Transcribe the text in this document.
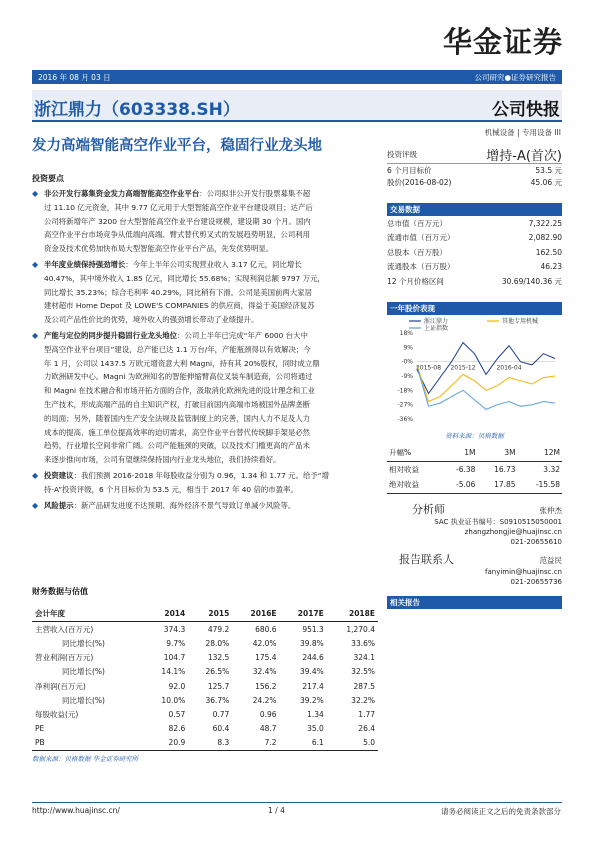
华金证券
2016 年 08 月 03 日	公司研究●证券研究报告
浙江鼎力（603338.SH）	公司快报
机械设备 | 专用设备 III
发力高端智能高空作业平台，稳固行业龙头地
投资评级	增持-A(首次)
6 个月目标价	53.5 元
股价(2016-08-02)	45.06 元
交易数据
总市值（百万元）	7,322.25
流通市值（百万元）	2,082.90
总股本（百万股）	162.50
流通股本（百万股）	46.23
12 个月价格区间	30.69/140.36 元
一年股价表现
18%
9%
-0%
-9%
-18%
-27%
-36%
2015-08 2015-12	2016-04
浙江鼎力	其他专用机械
上证指数
资料来源：贝格数据
升幅%	1M	3M	12M
相对收益	-6.38	16.73	3.32
绝对收益	-5.06	17.85	-15.58
分析师	张仲杰
SAC 执业证书编号：S0910515050001
zhangzhongjie@huajinsc.cn
021-20655610
报告联系人	范益民
fanyimin@huajinsc.cn
021-20655736
相关报告
投资要点
◆ 非公开发行募集资金发力高端智能高空作业平台：公司拟非公开发行股票募集不超
过 11.10 亿元资金，其中 9.77 亿元用于大型智能高空作业平台建设项目；达产后
公司将新增年产 3200 台大型智能高空作业平台建设规模，建设期 30 个月。国内
高空作业平台市场竞争从低端向高端、臂式替代剪叉式的发展趋势明显，公司利用
资金及技术优势加快布局大型智能高空作业平台产品，先发优势明显。
◆ 半年度业绩保持强劲增长：今年上半年公司实现营业收入 3.17 亿元，同比增长
40.47%，其中境外收入 1.85 亿元，同比增长 55.68%；实现利润总额 9797 万元，
同比增长 35.23%；综合毛利率 40.29%，同比稍有下滑。公司是美国前两大家居
建材超市 Home Depot 及 LOWE'S COMPANIES 的供应商，得益于美国经济复苏
及公司产品性价比的优势，境外收入的强劲增长带动了业绩提升。
◆ 产能与定位的同步提升稳固行业龙头地位：公司上半年已完成“年产 6000 台大中
型高空作业平台项目”建设，总产能已达 1.1 万台/年，产能瓶颈得以有效解决；今
年 1 月，公司以 1437.5 万欧元增资意大利 Magni，持有其 20%股权，同时成立鼎
力欧洲研发中心。Magni 为欧洲知名的智能伸缩臂高位叉装车制造商，公司将通过
和 Magni 在技术融合和市场开拓方面的合作，汲取消化欧洲先进的设计理念和工业
生产技术，形成高端产品的自主知识产权，打破目前国内高端市场被国外品牌垄断
的局面；另外，随着国内生产安全法规及监管制度上的完善，国内人力不足及人力
成本的提高、施工单位提高效率的迫切需求，高空作业平台替代传统脚手架是必然
趋势，行业增长空间非常广阔。公司产能瓶颈的突破，以及技术门槛更高的产品未
来逐步推向市场，公司有望继续保持国内行业龙头地位，我们持续看好。
◆ 投资建议：我们预测 2016-2018 年每股收益分别为 0.96，1.34 和 1.77 元。给予“增
持-A”投资评级，6 个月目标价为 53.5 元，相当于 2017 年 40 倍的市盈率。
◆ 风险提示：新产品研发进度不达预期、海外经济不景气导致订单减少风险等。
财务数据与估值
会计年度	2014	2015	2016E	2017E	2018E
主营收入(百万元)	374.3	479.2	680.6	951.3	1,270.4
同比增长(%)	9.7%	28.0%	42.0%	39.8%	33.6%
营业利润(百万元)	104.7	132.5	175.4	244.6	324.1
同比增长(%)	14.1%	26.5%	32.4%	39.4%	32.5%
净利润(百万元)	92.0	125.7	156.2	217.4	287.5
同比增长(%)	10.0%	36.7%	24.2%	39.2%	32.2%
每股收益(元)	0.57	0.77	0.96	1.34	1.77
PE	82.6	60.4	48.7	35.0	26.4
PB	20.9	8.3	7.2	6.1	5.0
数据来源：贝格数据 华金证券研究所
http://www.huajinsc.cn/	1 / 4	请务必阅读正文之后的免责条款部分
